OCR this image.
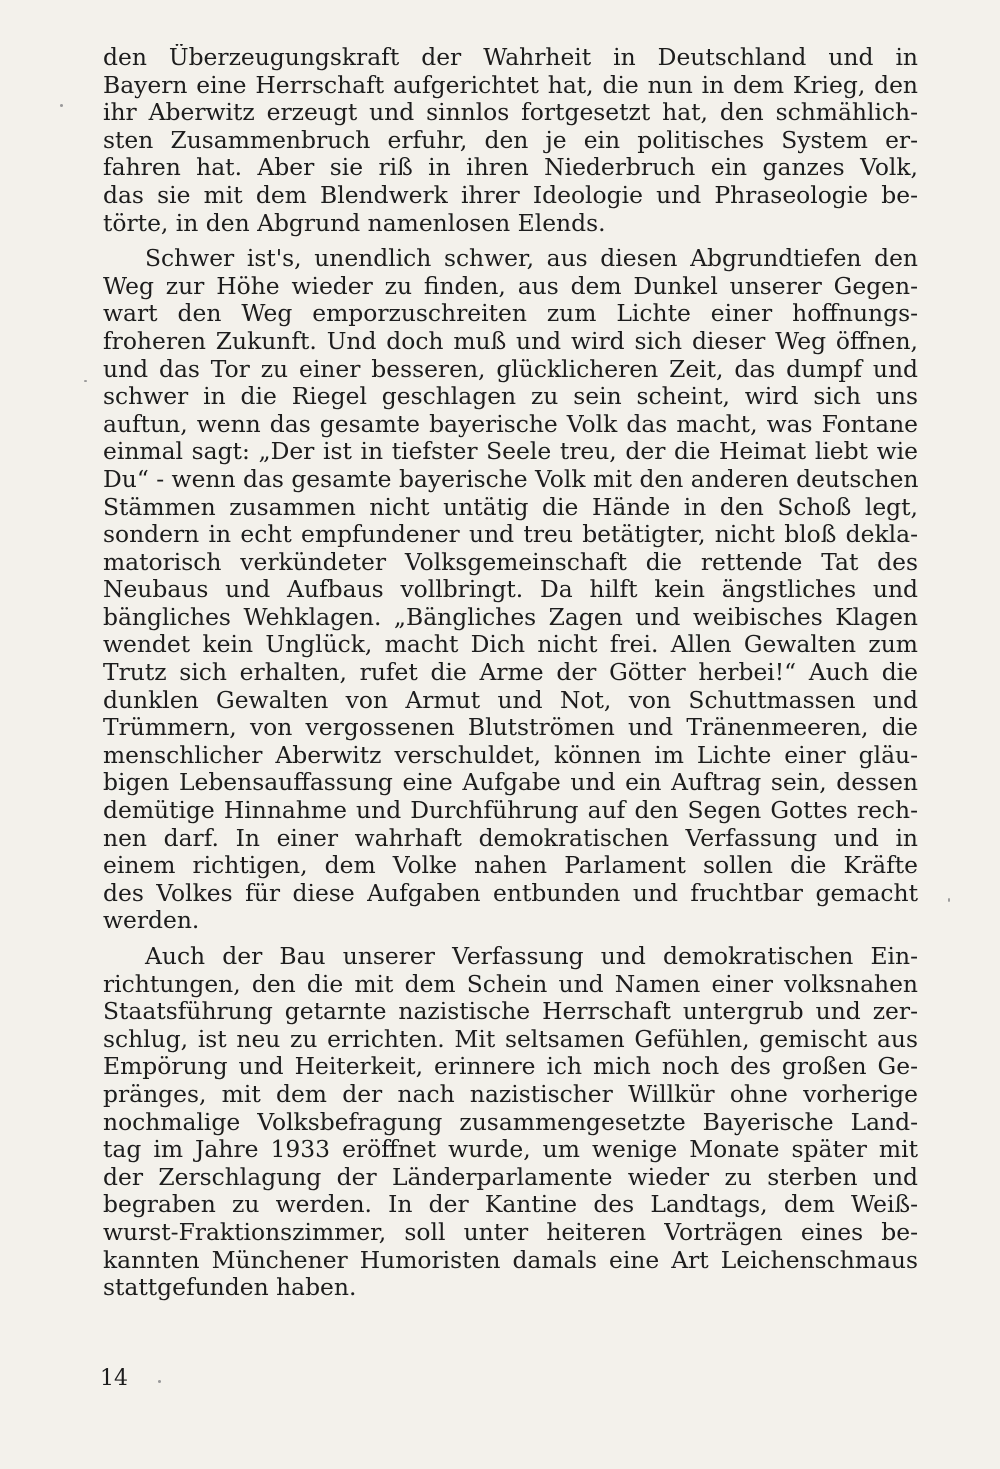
den Überzeugungskraft der Wahrheit in Deutschland und in
Bayern eine Herrschaft aufgerichtet hat, die nun in dem Krieg, den
ihr Aberwitz erzeugt und sinnlos fortgesetzt hat, den schmählich-
sten Zusammenbruch erfuhr, den je ein politisches System er-
fahren hat. Aber sie riß in ihren Niederbruch ein ganzes Volk,
das sie mit dem Blendwerk ihrer Ideologie und Phraseologie be-
törte, in den Abgrund namenlosen Elends.
Schwer ist's, unendlich schwer, aus diesen Abgrundtiefen den
Weg zur Höhe wieder zu finden, aus dem Dunkel unserer Gegen-
wart den Weg emporzuschreiten zum Lichte einer hoffnungs-
froheren Zukunft. Und doch muß und wird sich dieser Weg öffnen,
und das Tor zu einer besseren, glücklicheren Zeit, das dumpf und
schwer in die Riegel geschlagen zu sein scheint, wird sich uns
auftun, wenn das gesamte bayerische Volk das macht, was Fontane
einmal sagt: „Der ist in tiefster Seele treu, der die Heimat liebt wie
Du“ - wenn das gesamte bayerische Volk mit den anderen deutschen
Stämmen zusammen nicht untätig die Hände in den Schoß legt,
sondern in echt empfundener und treu betätigter, nicht bloß dekla-
matorisch verkündeter Volksgemeinschaft die rettende Tat des
Neubaus und Aufbaus vollbringt. Da hilft kein ängstliches und
bängliches Wehklagen. „Bängliches Zagen und weibisches Klagen
wendet kein Unglück, macht Dich nicht frei. Allen Gewalten zum
Trutz sich erhalten, rufet die Arme der Götter herbei!“ Auch die
dunklen Gewalten von Armut und Not, von Schuttmassen und
Trümmern, von vergossenen Blutströmen und Tränenmeeren, die
menschlicher Aberwitz verschuldet, können im Lichte einer gläu-
bigen Lebensauffassung eine Aufgabe und ein Auftrag sein, dessen
demütige Hinnahme und Durchführung auf den Segen Gottes rech-
nen darf. In einer wahrhaft demokratischen Verfassung und in
einem richtigen, dem Volke nahen Parlament sollen die Kräfte
des Volkes für diese Aufgaben entbunden und fruchtbar gemacht
werden.
Auch der Bau unserer Verfassung und demokratischen Ein-
richtungen, den die mit dem Schein und Namen einer volksnahen
Staatsführung getarnte nazistische Herrschaft untergrub und zer-
schlug, ist neu zu errichten. Mit seltsamen Gefühlen, gemischt aus
Empörung und Heiterkeit, erinnere ich mich noch des großen Ge-
pränges, mit dem der nach nazistischer Willkür ohne vorherige
nochmalige Volksbefragung zusammengesetzte Bayerische Land-
tag im Jahre 1933 eröffnet wurde, um wenige Monate später mit
der Zerschlagung der Länderparlamente wieder zu sterben und
begraben zu werden. In der Kantine des Landtags, dem Weiß-
wurst-Fraktionszimmer, soll unter heiteren Vorträgen eines be-
kannten Münchener Humoristen damals eine Art Leichenschmaus
stattgefunden haben.
14
